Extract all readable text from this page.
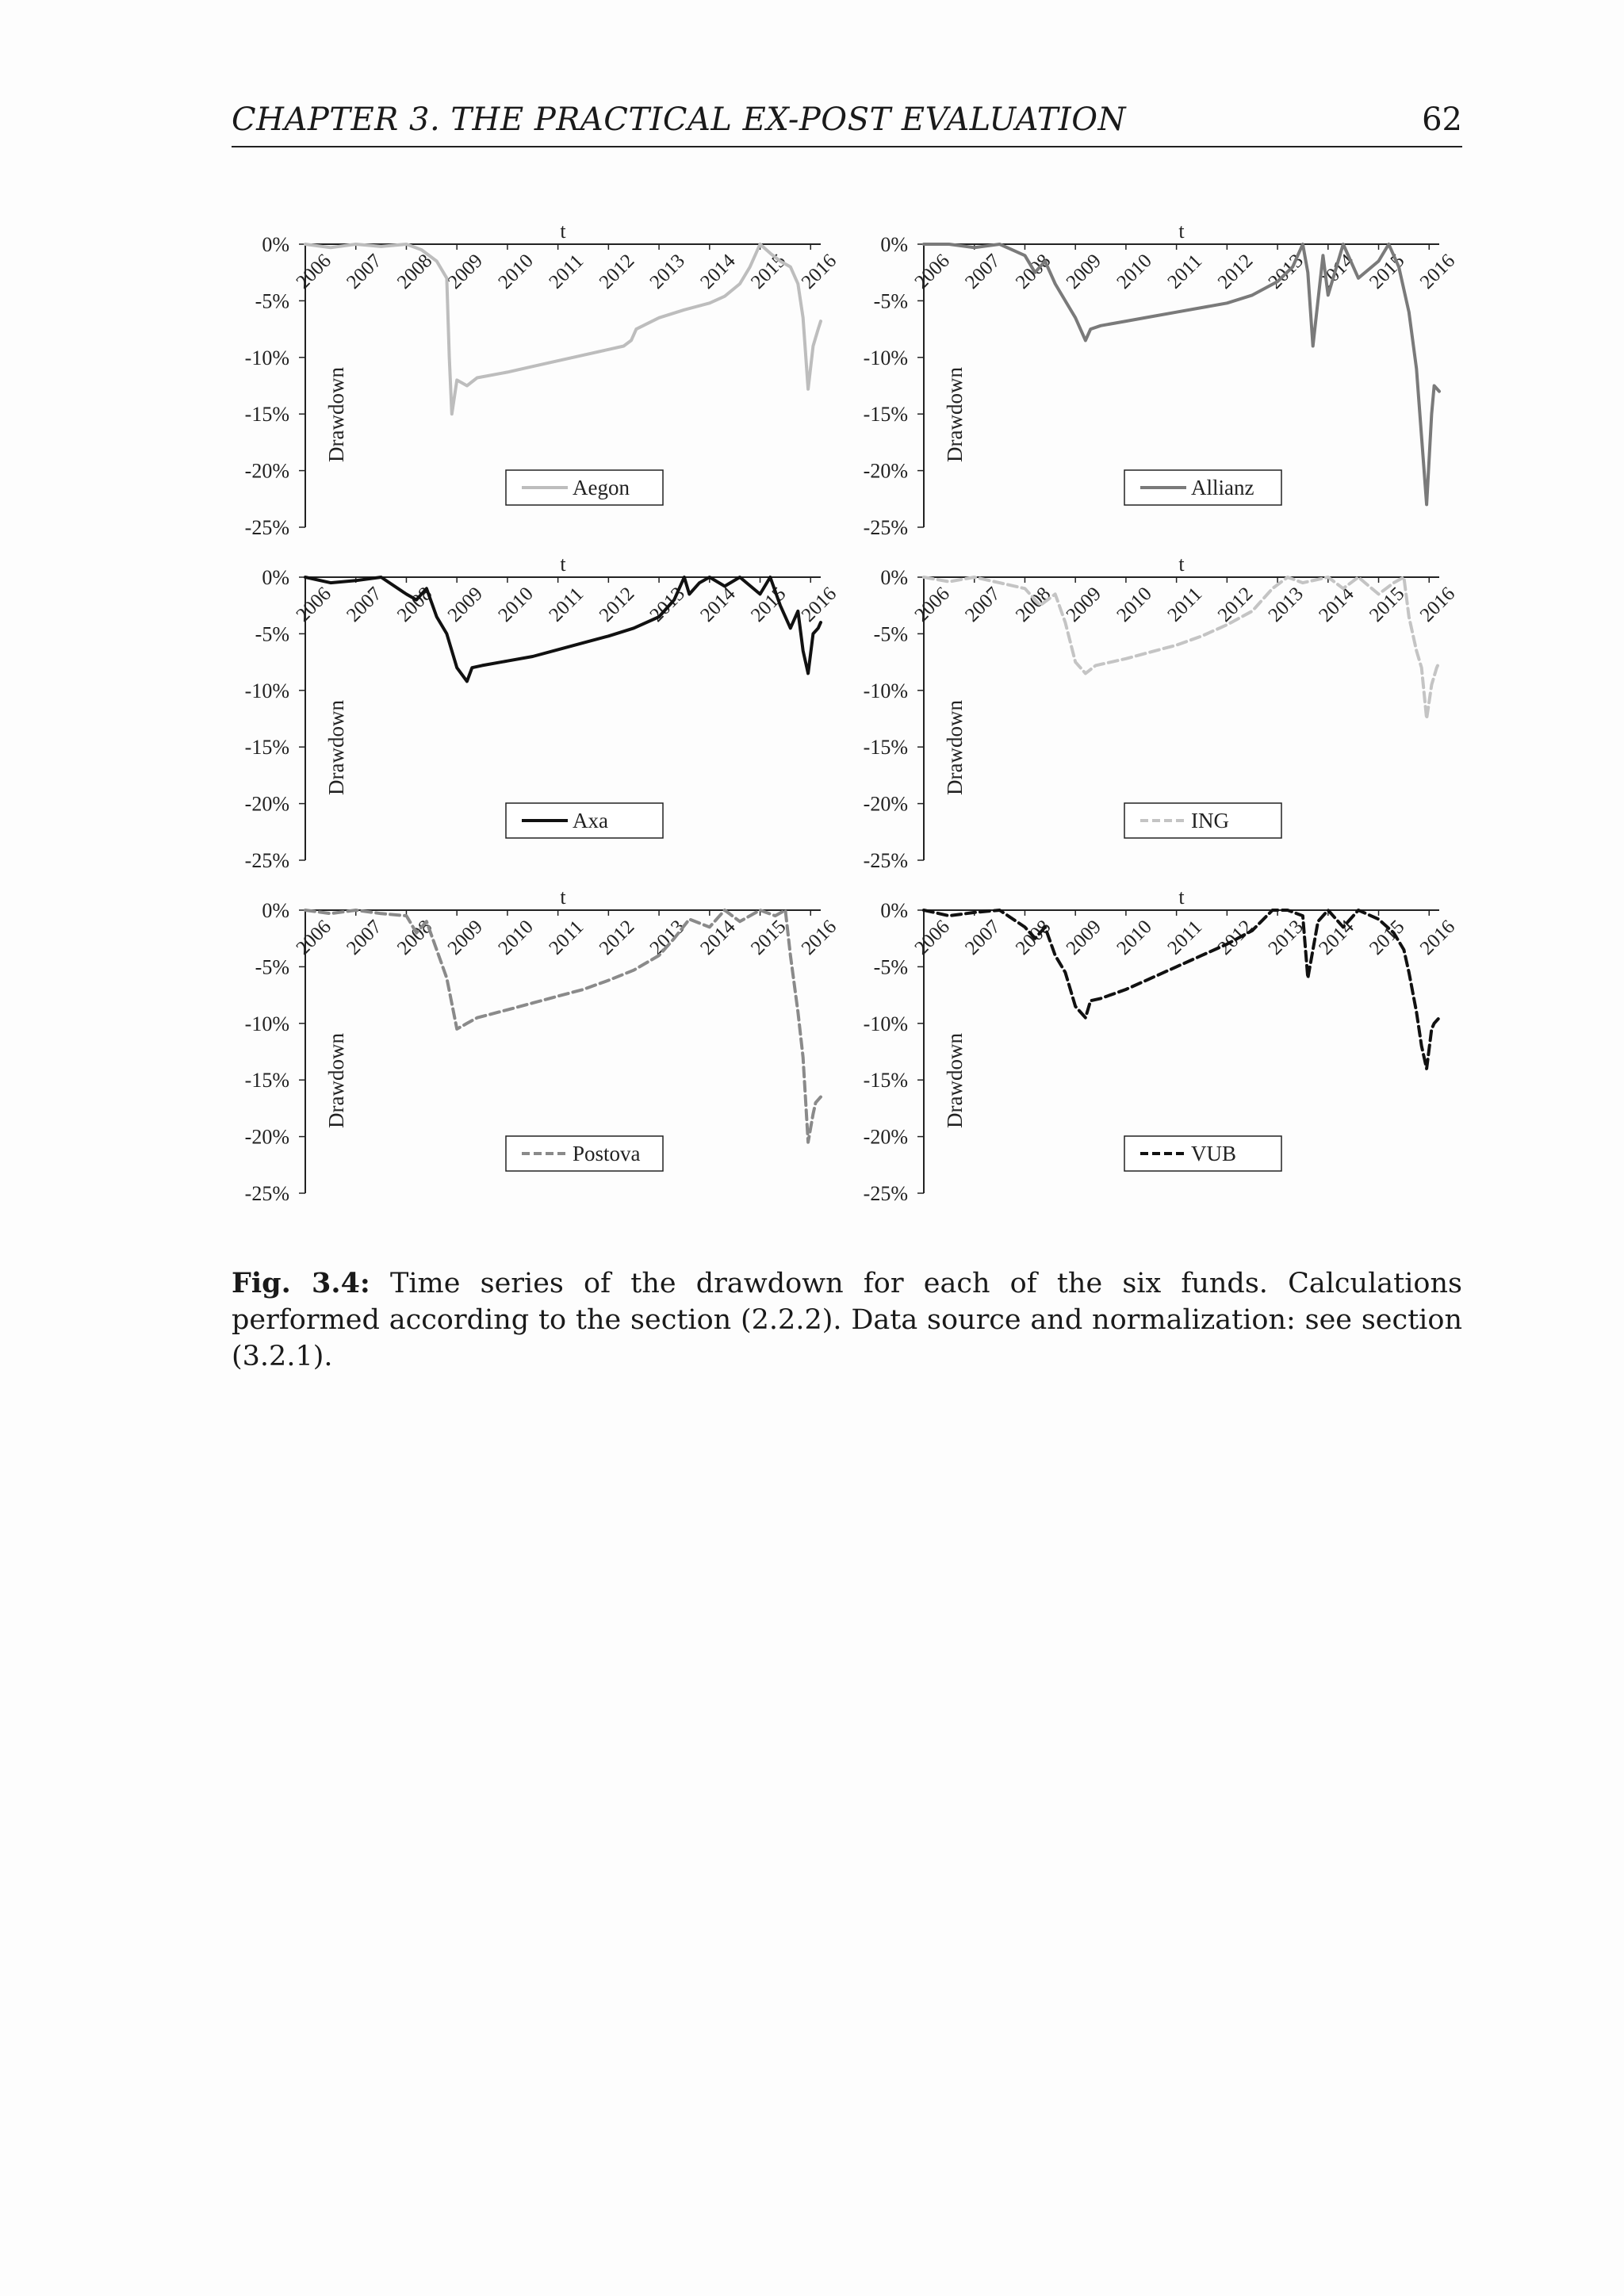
CHAPTER 3. THE PRACTICAL EX-POST EVALUATION	62
0%
-5%
-10%
-15%
-20%
-25%
2006 2007 2008 2009 2010 2011 2012 2013 2014 2015 2016
t
Drawdown
Aegon
0%
-5%
-10%
-15%
-20%
-25%
2006 2007 2008 2009 2010 2011 2012 2013 2014 2015 2016
t
Drawdown
Allianz
0%
-5%
-10%
-15%
-20%
-25%
2006 2007 2008 2009 2010 2011 2012 2013 2014 2015 2016
t
Drawdown
Axa
0%
-5%
-10%
-15%
-20%
-25%
2006 2007 2008 2009 2010 2011 2012 2013 2014 2015 2016
t
Drawdown
ING
0%
-5%
-10%
-15%
-20%
-25%
2006 2007 2008 2009 2010 2011 2012 2013 2014 2015 2016
t
Drawdown
Postova
0%
-5%
-10%
-15%
-20%
-25%
2006 2007 2008 2009 2010 2011 2012 2013 2014 2015 2016
t
Drawdown
VUB
Fig. 3.4: Time series of the drawdown for each of the six funds. Calculations performed according to the section (2.2.2). Data source and normalization: see section (3.2.1).
